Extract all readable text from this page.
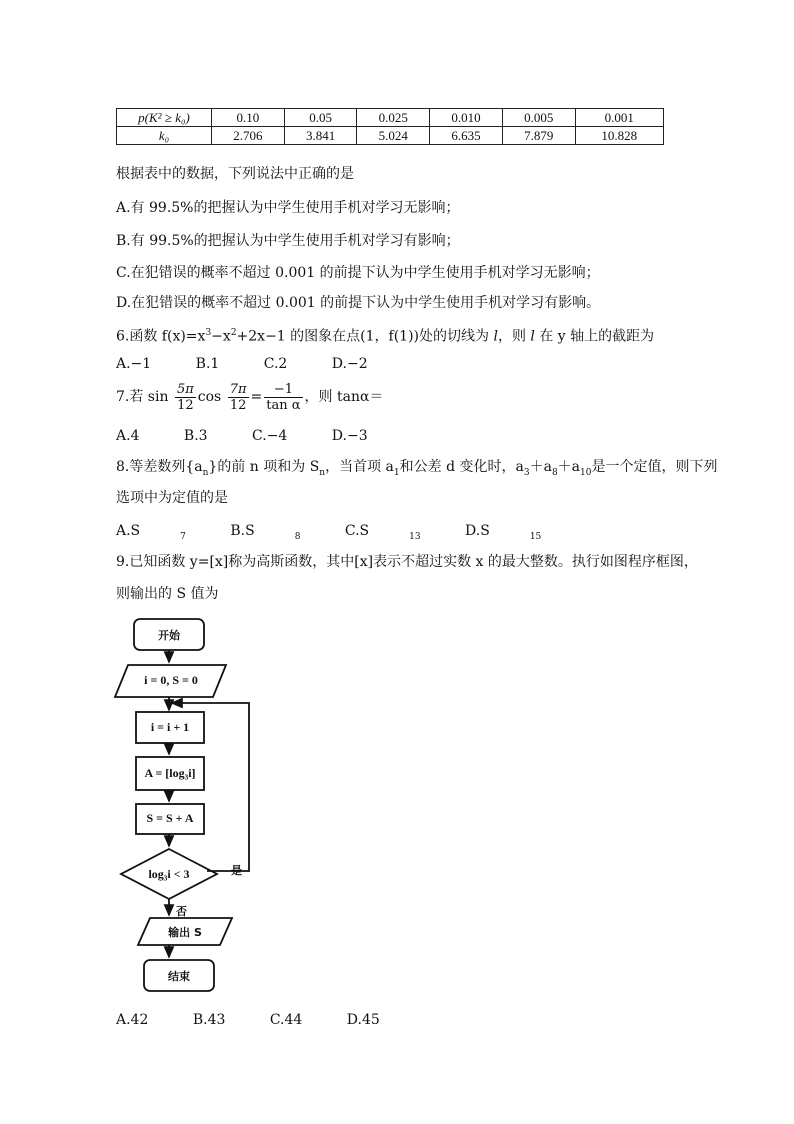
p(K² ≥ k₀)	0.10	0.05	0.025	0.010	0.005	0.001
k₀	2.706	3.841	5.024	6.635	7.879	10.828
根据表中的数据，下列说法中正确的是
A.有 99.5%的把握认为中学生使用手机对学习无影响；
B.有 99.5%的把握认为中学生使用手机对学习有影响；
C.在犯错误的概率不超过 0.001 的前提下认为中学生使用手机对学习无影响；
D.在犯错误的概率不超过 0.001 的前提下认为中学生使用手机对学习有影响。
6.函数 $f(x)=x^3-x^2+2x-1$ 的图象在点(1，f(1))处的切线为 l，则 l 在 y 轴上的截距为
A.−1	B.1	C.2	D.−2
7.若 $\sin \frac{5\pi}{12}$ $\cos \frac{7\pi}{12} = \frac{-1}{\text{tan α}}$ ，则 tanα＝
A.4	B.3	C.−4	D.−3
8.等差数列$\{a_n\}$的前 n 项和为 $S_n$，当首项 $a_1$和公差 d 变化时，$a_3+a_8+a_{10}$是一个定值，则下列
选项中为定值的是
A.S	$_7$	B.S	$_8$	C.S	$_{13}$	D.S	$_{15}$
9.已知函数 y=[x]称为高斯函数，其中[x]表示不超过实数 x 的最大整数。执行如图程序框图，
则输出的 S 值为
开始
i = 0, S = 0
i = i + 1
A = [log₃i]
S = S + A
log₃i < 3	是
否
输出 S
结束
A.42	B.43	C.44	D.45
